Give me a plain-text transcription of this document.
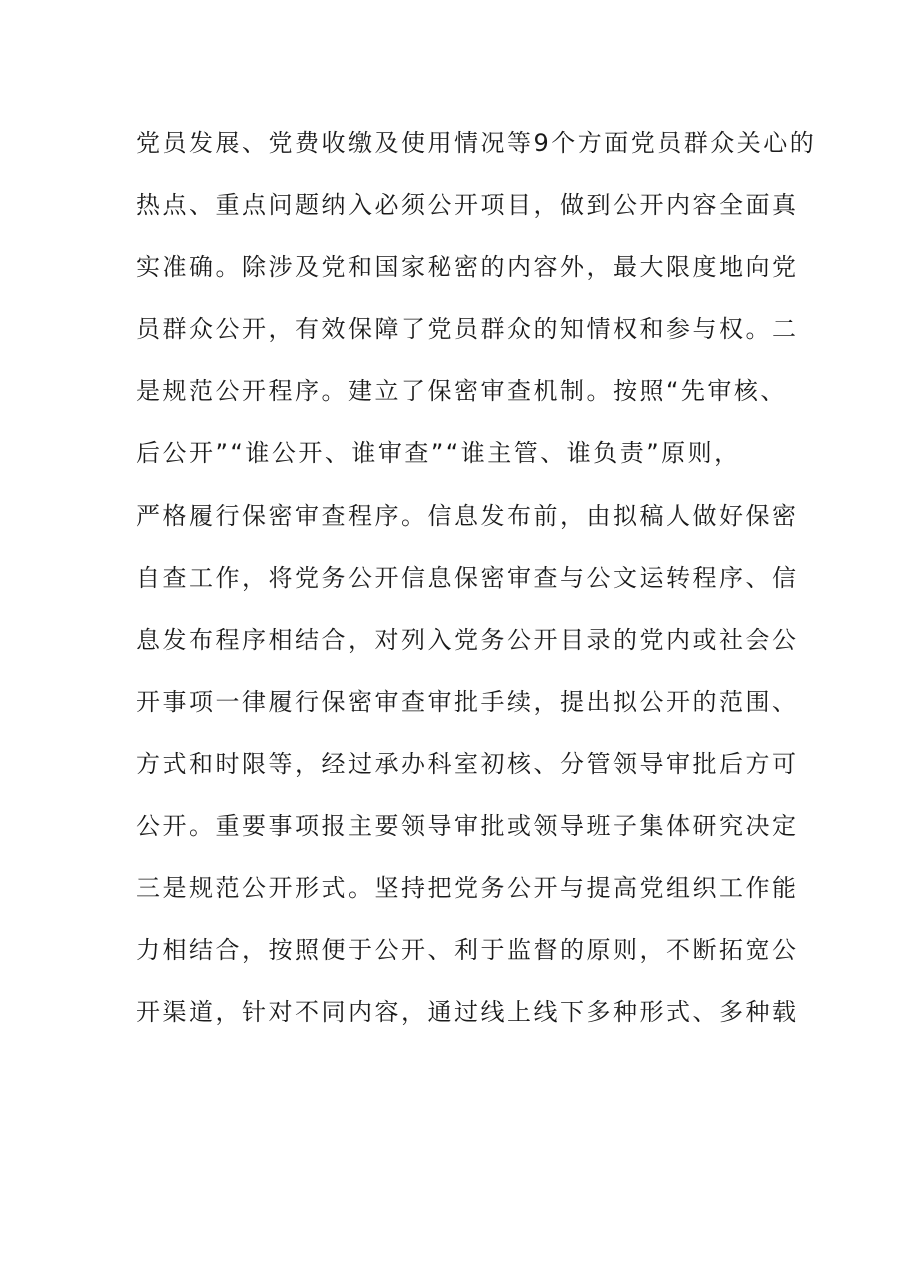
党员发展、党费收缴及使用情况等9个方面党员群众关心的
热点、重点问题纳入必须公开项目，做到公开内容全面真
实准确。除涉及党和国家秘密的内容外，最大限度地向党
员群众公开，有效保障了党员群众的知情权和参与权。二
是规范公开程序。建立了保密审查机制。按照“先审核、
后公开”“谁公开、谁审查”“谁主管、谁负责”原则，
严格履行保密审查程序。信息发布前，由拟稿人做好保密
自查工作，将党务公开信息保密审查与公文运转程序、信
息发布程序相结合，对列入党务公开目录的党内或社会公
开事项一律履行保密审查审批手续，提出拟公开的范围、
方式和时限等，经过承办科室初核、分管领导审批后方可
公开。重要事项报主要领导审批或领导班子集体研究决定
三是规范公开形式。坚持把党务公开与提高党组织工作能
力相结合，按照便于公开、利于监督的原则，不断拓宽公
开渠道，针对不同内容，通过线上线下多种形式、多种载
